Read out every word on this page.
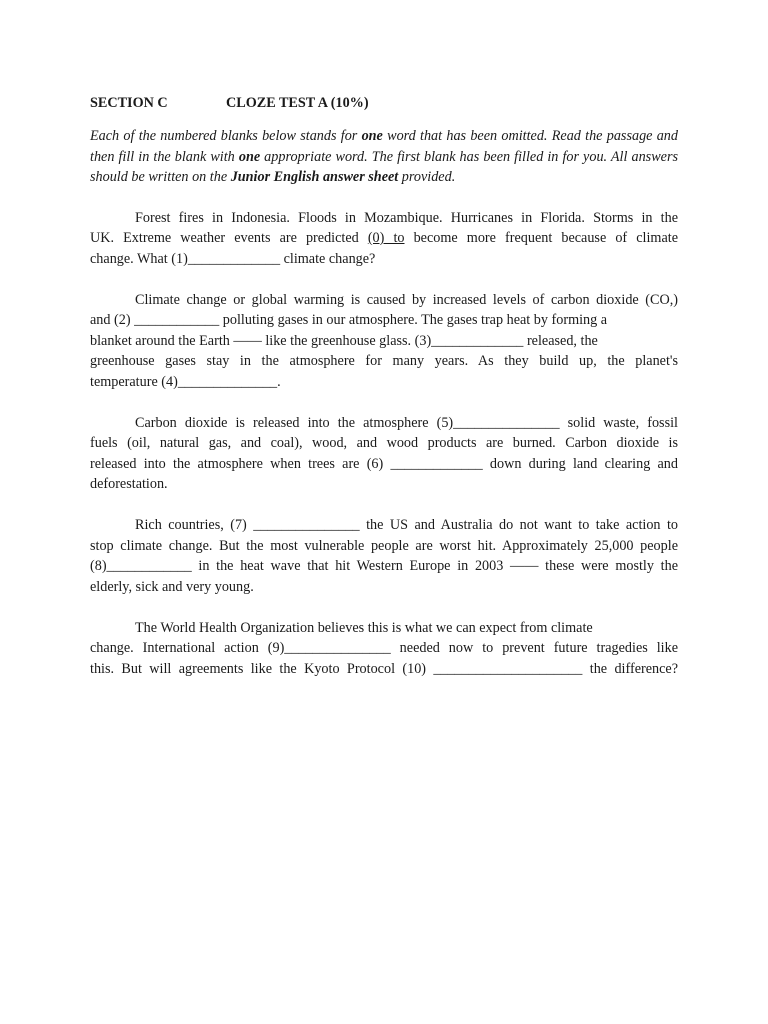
SECTION C	CLOZE TEST A (10%)
Each of the numbered blanks below stands for one word that has been omitted. Read the passage and then fill in the blank with one appropriate word. The first blank has been filled in for you. All answers should be written on the Junior English answer sheet provided.
Forest fires in Indonesia. Floods in Mozambique. Hurricanes in Florida. Storms in the
UK. Extreme weather events are predicted (0) to become more frequent because of climate
change. What (1)_____________ climate change?
Climate change or global warming is caused by increased levels of carbon dioxide (CO,)
and (2) ____________ polluting gases in our atmosphere. The gases trap heat by forming a
blanket around the Earth —— like the greenhouse glass. (3)_____________ released, the
greenhouse gases stay in the atmosphere for many years. As they build up, the planet's
temperature (4)______________.
Carbon dioxide is released into the atmosphere (5)_______________ solid waste, fossil
fuels (oil, natural gas, and coal), wood, and wood products are burned. Carbon dioxide is
released into the atmosphere when trees are (6) _____________ down during land clearing and
deforestation.
Rich countries, (7) _______________ the US and Australia do not want to take action to
stop climate change. But the most vulnerable people are worst hit. Approximately 25,000 people
(8)____________ in the heat wave that hit Western Europe in 2003 —— these were mostly the
elderly, sick and very young.
The World Health Organization believes this is what we can expect from climate
change. International action (9)_______________ needed now to prevent future tragedies like
this. But will agreements like the Kyoto Protocol (10) _____________________ the difference?
